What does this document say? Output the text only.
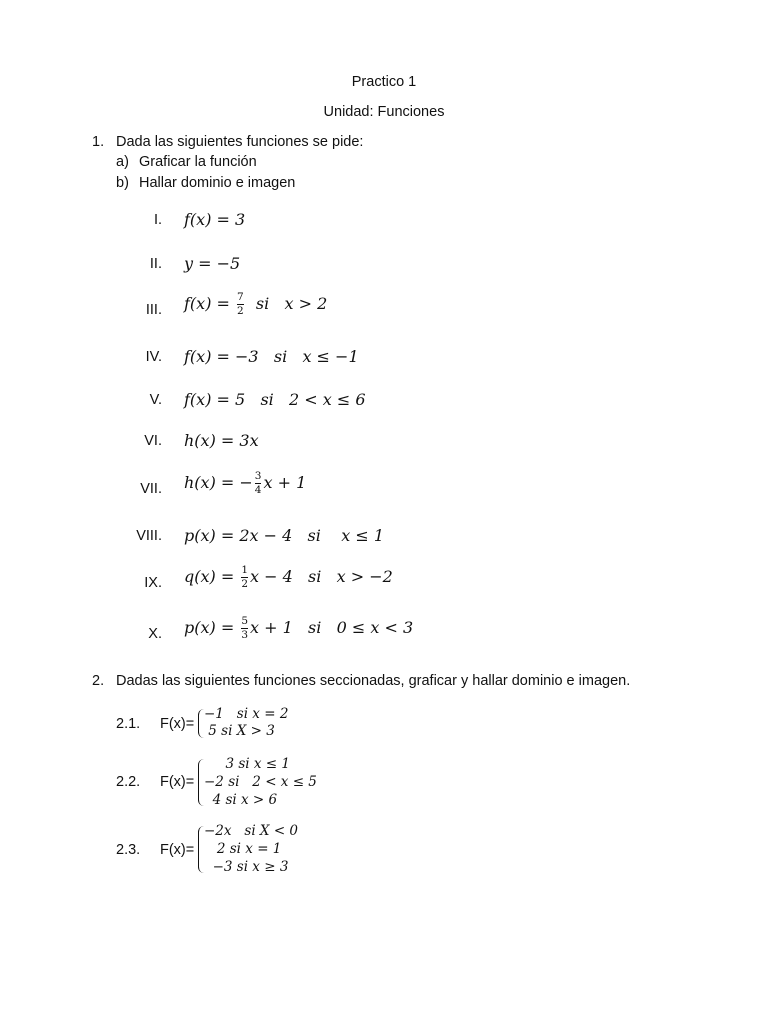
Practico 1
Unidad: Funciones
1. Dada las siguientes funciones se pide:
a) Graficar la función
b) Hallar dominio e imagen
I. f(x) = 3
II. y = −5
III. $f(x) = \frac{7}{2}$ si   x > 2
IV. f(x) = −3   si   x ≤ −1
V. f(x) = 5   si   2 < x ≤ 6
VI. h(x) = 3x
VII. h(x) = − $\frac{3}{4}$ x + 1
VIII. p(x) = 2x − 4   si    x ≤ 1
IX. $q(x) = \frac{1}{2}$ x − 4   si   x > −2
X. $p(x) = \frac{5}{3}$ x + 1   si   0 ≤ x < 3
2. Dadas las siguientes funciones seccionadas, graficar y hallar dominio e imagen.
2.1. F(x)=
−1   si x = 2
5 si X > 3
2.2. F(x)=
3 si x ≤ 1
−2 si   2 < x ≤ 5
4 si x > 6
2.3. F(x)=
−2x   si X < 0
2 si x = 1
−3 si x ≥ 3
